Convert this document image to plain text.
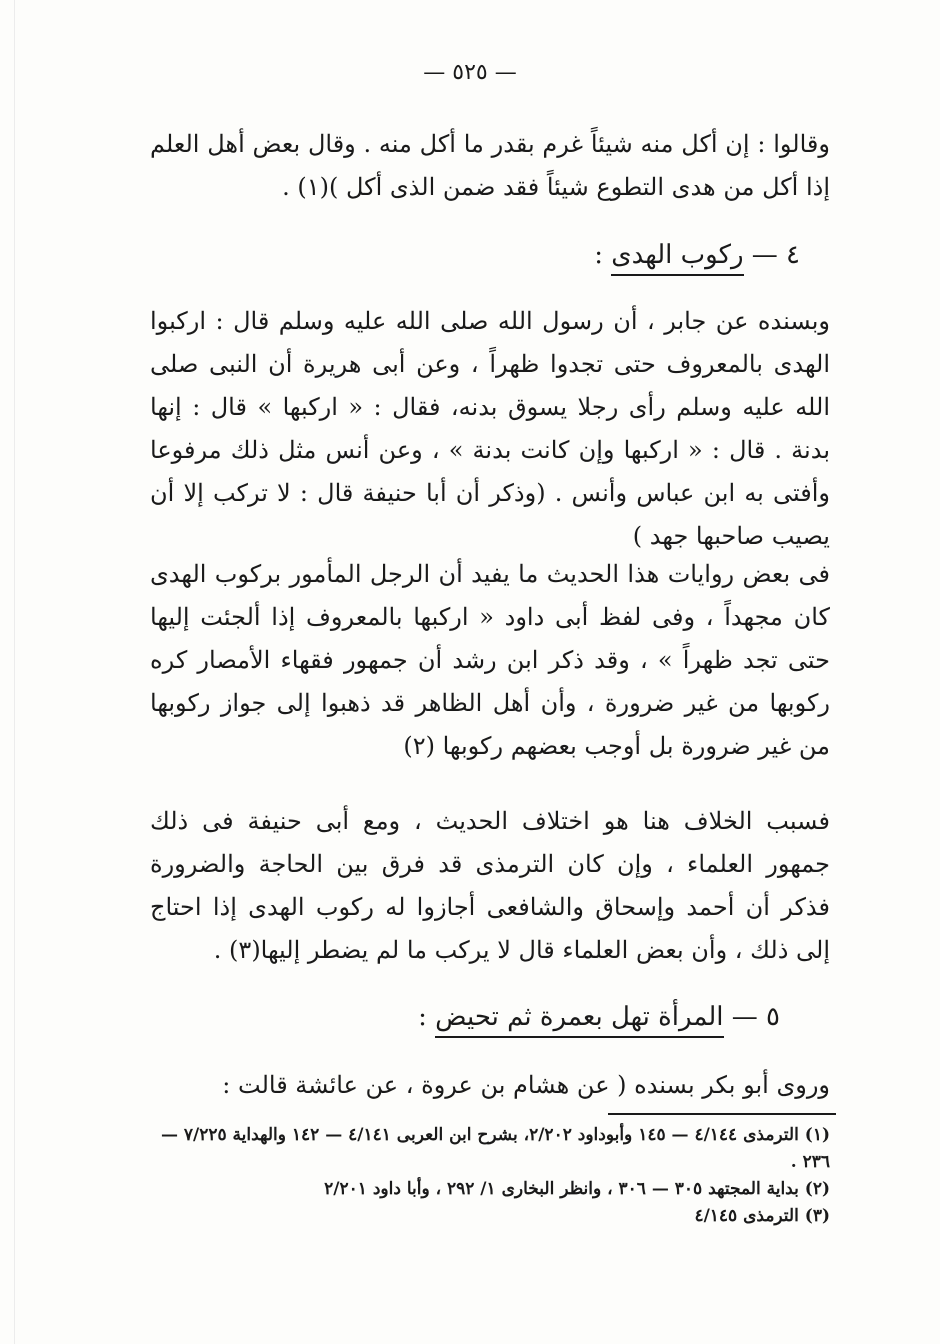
— ٥٢٥ —

وقالوا : إن أكل منه شيئاً غرم بقدر ما أكل منه . وقال بعض أهل العلم إذا أكل من هدى التطوع شيئاً فقد ضمن الذى أكل )(١) .

٤ — ركوب الهدى :

وبسنده عن جابر ، أن رسول الله صلى الله عليه وسلم قال : اركبوا الهدى بالمعروف حتى تجدوا ظهراً ، وعن أبى هريرة أن النبى صلى الله عليه وسلم رأى رجلا يسوق بدنه، فقال : « اركبها » قال : إنها بدنة . قال : « اركبها وإن كانت بدنة » ، وعن أنس مثل ذلك مرفوعا وأفتى به ابن عباس وأنس . (وذكر أن أبا حنيفة قال : لا تركب إلا أن يصيب صاحبها جهد )

فى بعض روايات هذا الحديث ما يفيد أن الرجل المأمور بركوب الهدى كان مجهداً ، وفى لفظ أبى داود « اركبها بالمعروف إذا ألجئت إليها حتى تجد ظهراً » ، وقد ذكر ابن رشد أن جمهور فقهاء الأمصار كره ركوبها من غير ضرورة ، وأن أهل الظاهر قد ذهبوا إلى جواز ركوبها من غير ضرورة بل أوجب بعضهم ركوبها (٢)

فسبب الخلاف هنا هو اختلاف الحديث ، ومع أبى حنيفة فى ذلك جمهور العلماء ، وإن كان الترمذى قد فرق بين الحاجة والضرورة فذكر أن أحمد وإسحاق والشافعى أجازوا له ركوب الهدى إذا احتاج إلى ذلك ، وأن بعض العلماء قال لا يركب ما لم يضطر إليها(٣) .

٥ — المرأة تهل بعمرة ثم تحيض :

وروى أبو بكر بسنده ( عن هشام بن عروة ، عن عائشة قالت :

(١) الترمذى ٤/١٤٤ — ١٤٥ وأبوداود ٢/٢٠٢، بشرح ابن العربى ٤/١٤١ — ١٤٢ والهداية ٧/٢٢٥ — ٢٣٦ .

(٢) بداية المجتهد ٣٠٥ — ٣٠٦ ، وانظر البخارى ١/ ٢٩٢ ، وأبا داود ٢/٢٠١

(٣) الترمذى ٤/١٤٥
